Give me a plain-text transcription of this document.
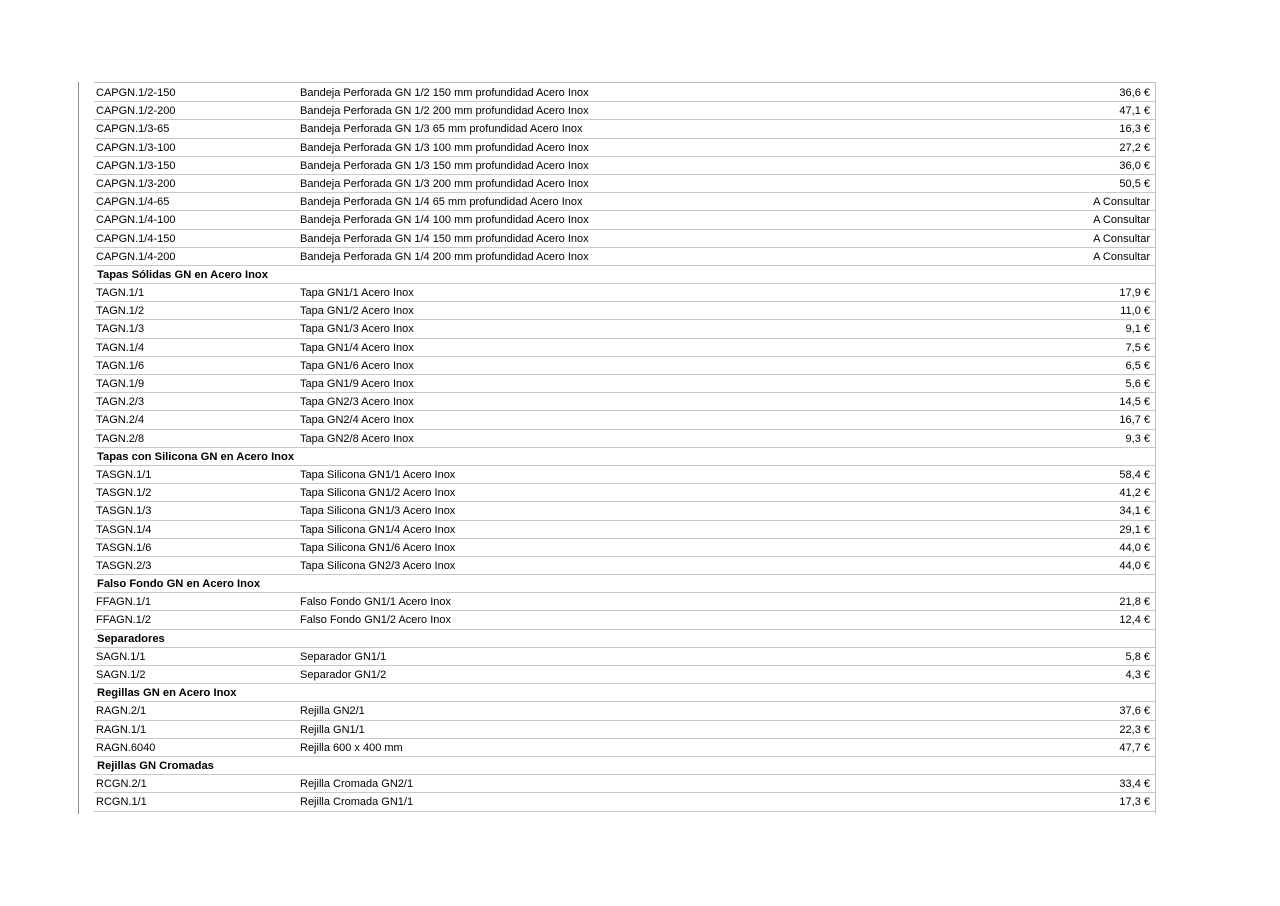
CAPGN.1/2-150	Bandeja Perforada GN 1/2 150 mm profundidad Acero Inox	36,6 €
CAPGN.1/2-200	Bandeja Perforada GN 1/2 200 mm profundidad Acero Inox	47,1 €
CAPGN.1/3-65	Bandeja Perforada GN 1/3 65 mm profundidad Acero Inox	16,3 €
CAPGN.1/3-100	Bandeja Perforada GN 1/3 100 mm profundidad Acero Inox	27,2 €
CAPGN.1/3-150	Bandeja Perforada GN 1/3 150 mm profundidad Acero Inox	36,0 €
CAPGN.1/3-200	Bandeja Perforada GN 1/3 200 mm profundidad Acero Inox	50,5 €
CAPGN.1/4-65	Bandeja Perforada GN 1/4 65 mm profundidad Acero Inox	A Consultar
CAPGN.1/4-100	Bandeja Perforada GN 1/4 100 mm profundidad Acero Inox	A Consultar
CAPGN.1/4-150	Bandeja Perforada GN 1/4 150 mm profundidad Acero Inox	A Consultar
CAPGN.1/4-200	Bandeja Perforada GN 1/4 200 mm profundidad Acero Inox	A Consultar
Tapas Sólidas GN en Acero Inox
TAGN.1/1	Tapa GN1/1 Acero Inox	17,9 €
TAGN.1/2	Tapa GN1/2 Acero Inox	11,0 €
TAGN.1/3	Tapa GN1/3 Acero Inox	9,1 €
TAGN.1/4	Tapa GN1/4 Acero Inox	7,5 €
TAGN.1/6	Tapa GN1/6 Acero Inox	6,5 €
TAGN.1/9	Tapa GN1/9 Acero Inox	5,6 €
TAGN.2/3	Tapa GN2/3 Acero Inox	14,5 €
TAGN.2/4	Tapa GN2/4 Acero Inox	16,7 €
TAGN.2/8	Tapa GN2/8 Acero Inox	9,3 €
Tapas con Silicona GN en Acero Inox
TASGN.1/1	Tapa Silicona GN1/1 Acero Inox	58,4 €
TASGN.1/2	Tapa Silicona GN1/2 Acero Inox	41,2 €
TASGN.1/3	Tapa Silicona GN1/3 Acero Inox	34,1 €
TASGN.1/4	Tapa Silicona GN1/4 Acero Inox	29,1 €
TASGN.1/6	Tapa Silicona GN1/6 Acero Inox	44,0 €
TASGN.2/3	Tapa Silicona GN2/3 Acero Inox	44,0 €
Falso Fondo GN en Acero Inox
FFAGN.1/1	Falso Fondo GN1/1 Acero Inox	21,8 €
FFAGN.1/2	Falso Fondo GN1/2 Acero Inox	12,4 €
Separadores
SAGN.1/1	Separador GN1/1	5,8 €
SAGN.1/2	Separador GN1/2	4,3 €
Regillas GN en Acero Inox
RAGN.2/1	Rejilla GN2/1	37,6 €
RAGN.1/1	Rejilla GN1/1	22,3 €
RAGN.6040	Rejilla 600 x 400 mm	47,7 €
Rejillas GN Cromadas
RCGN.2/1	Rejilla Cromada GN2/1	33,4 €
RCGN.1/1	Rejilla Cromada GN1/1	17,3 €
